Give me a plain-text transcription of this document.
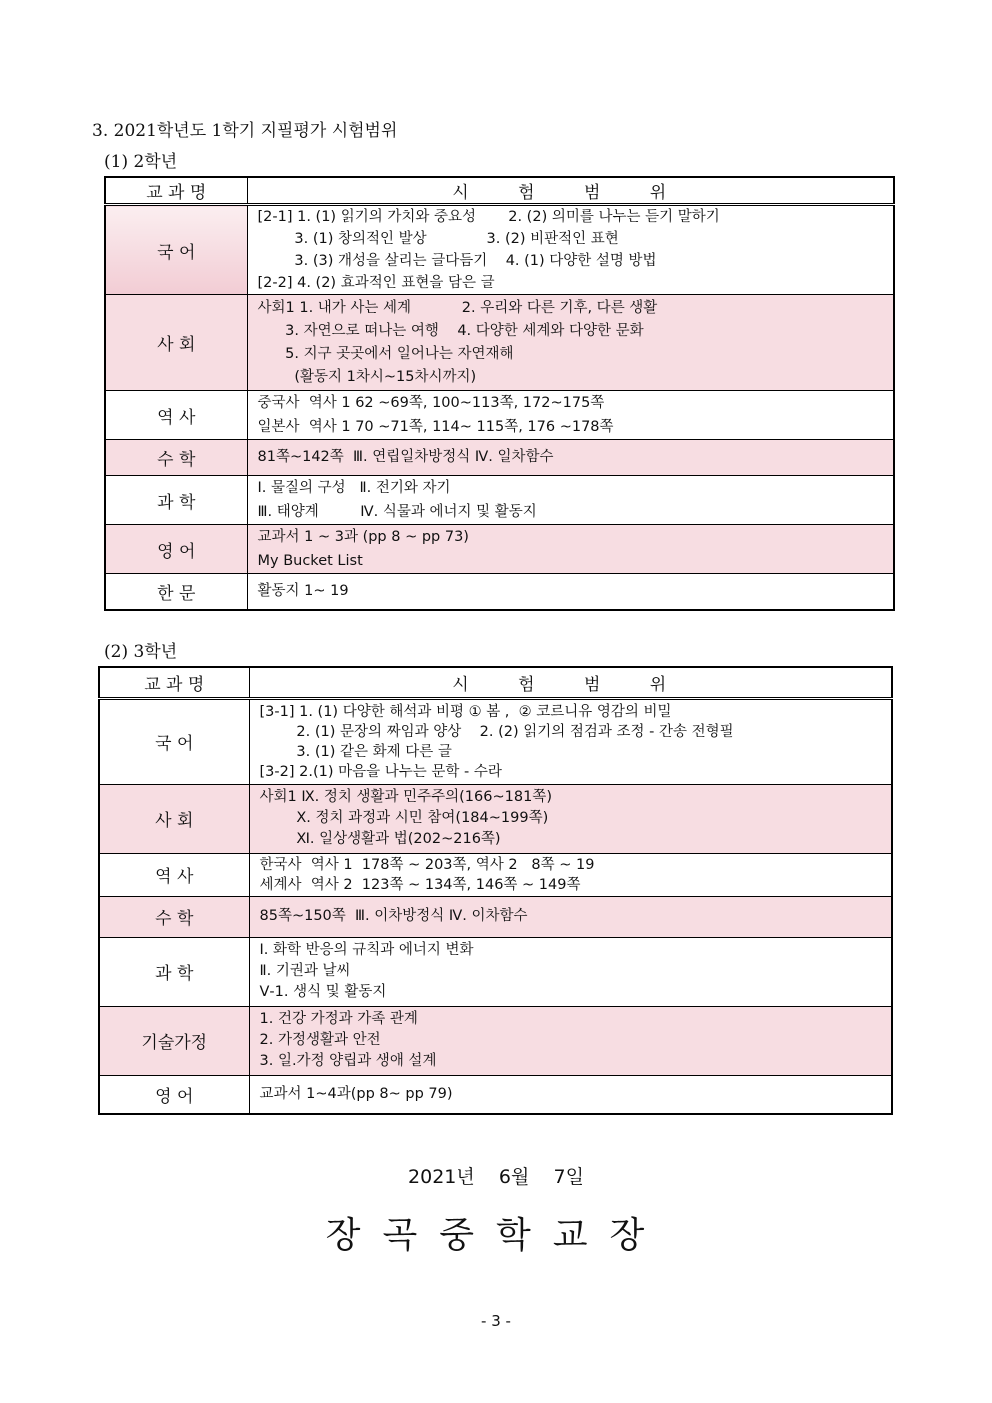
3. 2021학년도 1학기 지필평가 시험범위
(1) 2학년
교 과 명	시 험 범 위
국 어	[2-1] 1. (1) 읽기의 가치와 중요성       2. (2) 의미를 나누는 듣기 말하기
3. (1) 창의적인 발상             3. (2) 비판적인 표현
3. (3) 개성을 살리는 글다듬기    4. (1) 다양한 설명 방법
[2-2] 4. (2) 효과적인 표현을 담은 글

사 회	사회1 1. 내가 사는 세계           2. 우리와 다른 기후, 다른 생활
3. 자연으로 떠나는 여행    4. 다양한 세계와 다양한 문화
5. 지구 곳곳에서 일어나는 자연재해
(활동지 1차시~15차시까지)

역 사	중국사  역사 1 62 ~69쪽, 100~113쪽, 172~175쪽
일본사  역사 1 70 ~71쪽, 114~ 115쪽, 176 ~178쪽

수 학	81쪽~142쪽  Ⅲ. 연립일차방정식 Ⅳ. 일차함수

과 학	Ⅰ. 물질의 구성   Ⅱ. 전기와 자기
Ⅲ. 태양계         Ⅳ. 식물과 에너지 및 활동지

영 어	교과서 1 ~ 3과 (pp 8 ~ pp 73)
My Bucket List

한 문	활동지 1~ 19
(2) 3학년
교 과 명	시 험 범 위
국 어	[3-1] 1. (1) 다양한 해석과 비평 ① 봄 ,  ② 코르니유 영감의 비밀
2. (1) 문장의 짜임과 양상    2. (2) 읽기의 점검과 조정 - 간송 전형필
3. (1) 같은 화제 다른 글
[3-2] 2.(1) 마음을 나누는 문학 - 수라

사 회	사회1 Ⅸ. 정치 생활과 민주주의(166~181쪽)
Ⅹ. 정치 과정과 시민 참여(184~199쪽)
Ⅺ. 일상생활과 법(202~216쪽)

역 사	한국사  역사 1  178쪽 ~ 203쪽, 역사 2   8쪽 ~ 19
세계사  역사 2  123쪽 ~ 134쪽, 146쪽 ~ 149쪽

수 학	85쪽~150쪽  Ⅲ. 이차방정식 Ⅳ. 이차함수

과 학	Ⅰ. 화학 반응의 규칙과 에너지 변화
Ⅱ. 기권과 날씨
Ⅴ-1. 생식 및 활동지

기술가정	1. 건강 가정과 가족 관계
2. 가정생활과 안전
3. 일.가정 양립과 생애 설계

영 어	교과서 1~4과(pp 8~ pp 79)
2021년    6월    7일
장곡중학교장
- 3 -
